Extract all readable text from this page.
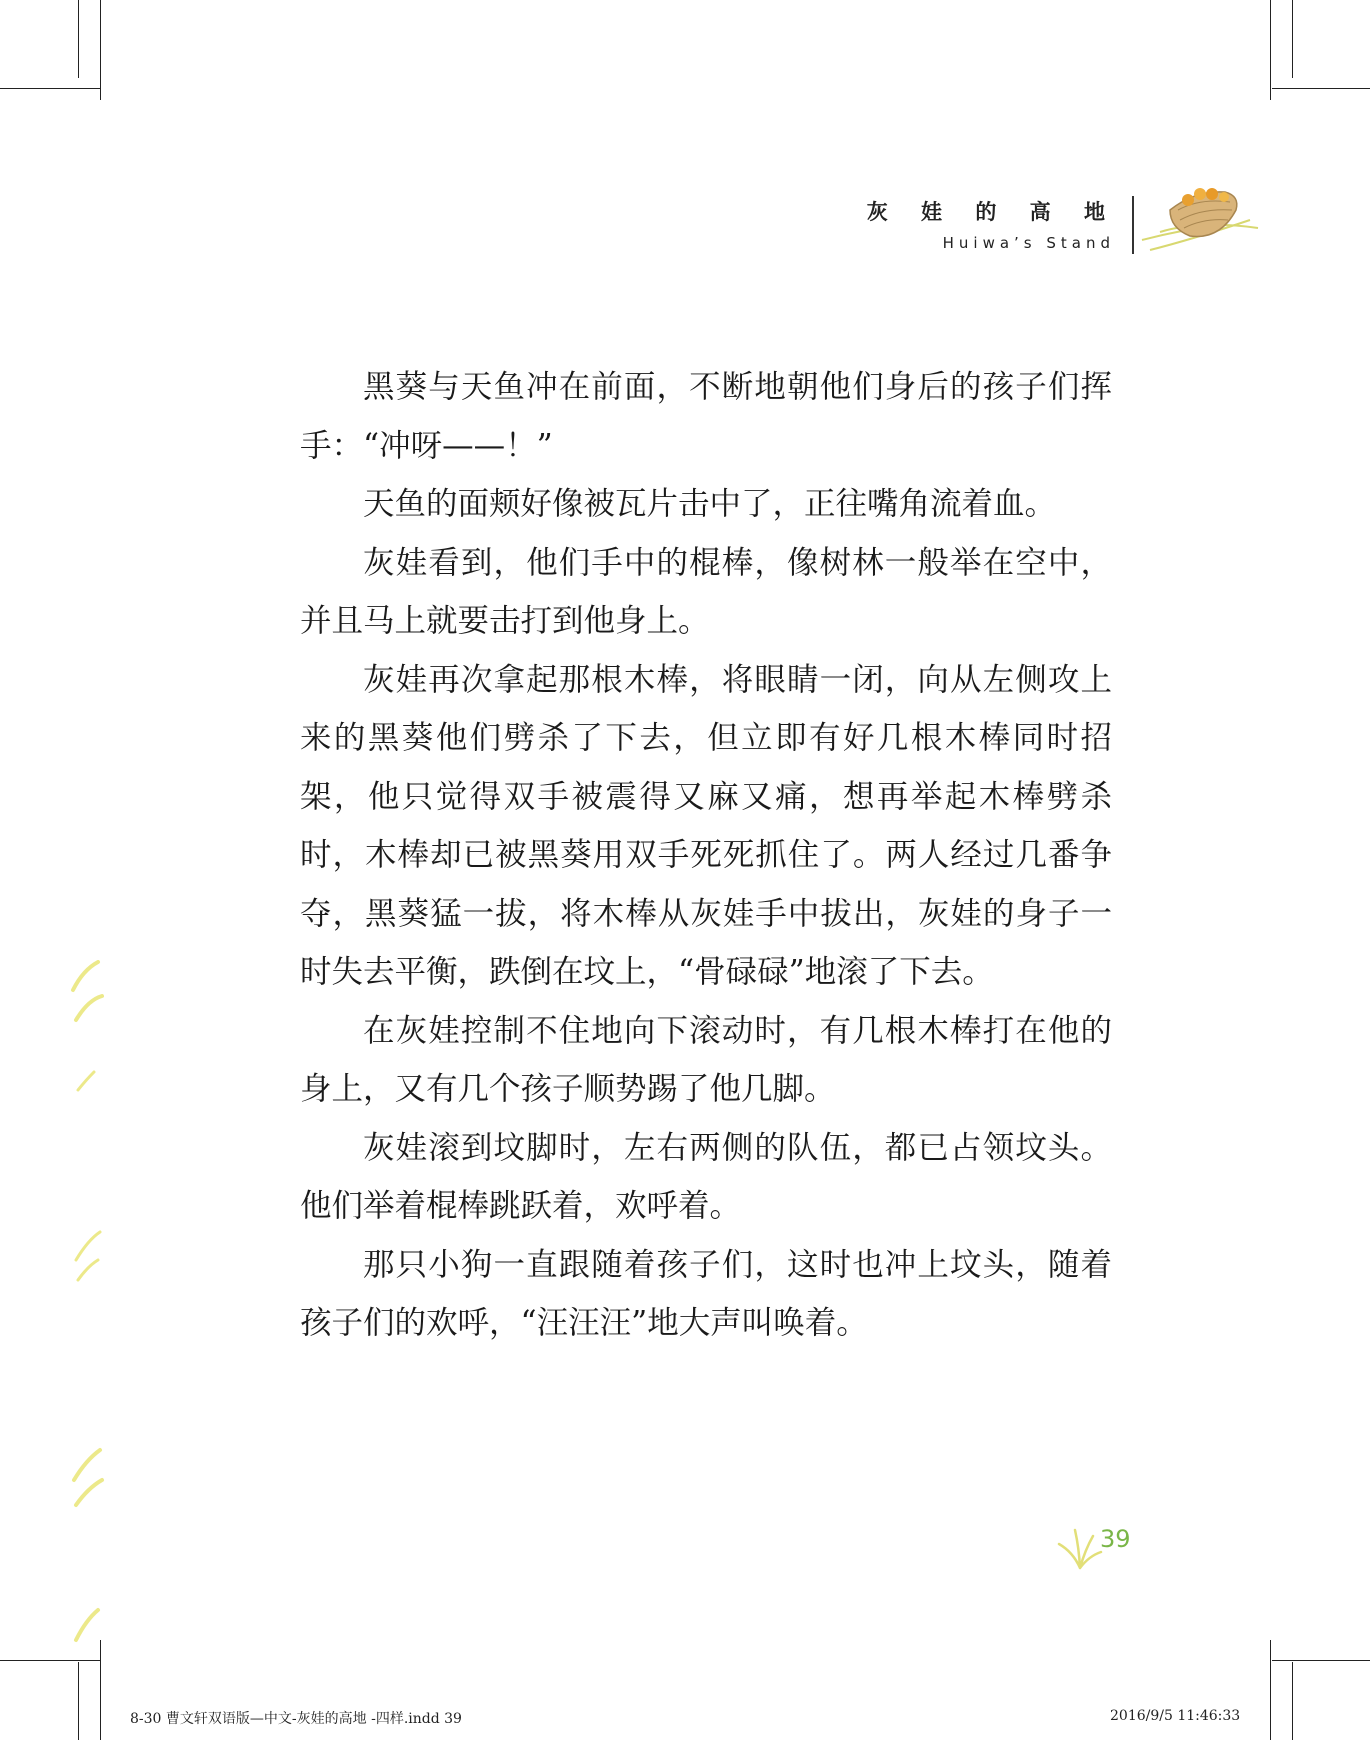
灰 娃 的 高 地
Huiwa’s Stand

黑葵与天鱼冲在前面，不断地朝他们身后的孩子们挥手：“冲呀——！”

天鱼的面颊好像被瓦片击中了，正往嘴角流着血。

灰娃看到，他们手中的棍棒，像树林一般举在空中，并且马上就要击打到他身上。

灰娃再次拿起那根木棒，将眼睛一闭，向从左侧攻上来的黑葵他们劈杀了下去，但立即有好几根木棒同时招架，他只觉得双手被震得又麻又痛，想再举起木棒劈杀时，木棒却已被黑葵用双手死死抓住了。两人经过几番争夺，黑葵猛一拔，将木棒从灰娃手中拔出，灰娃的身子一时失去平衡，跌倒在坟上，“骨碌碌”地滚了下去。

在灰娃控制不住地向下滚动时，有几根木棒打在他的身上，又有几个孩子顺势踢了他几脚。

灰娃滚到坟脚时，左右两侧的队伍，都已占领坟头。他们举着棍棒跳跃着，欢呼着。

那只小狗一直跟随着孩子们，这时也冲上坟头，随着孩子们的欢呼，“汪汪汪”地大声叫唤着。

39
8-30 曹文轩双语版—中文-灰娃的高地 -四样.indd 39	2016/9/5 11:46:33
